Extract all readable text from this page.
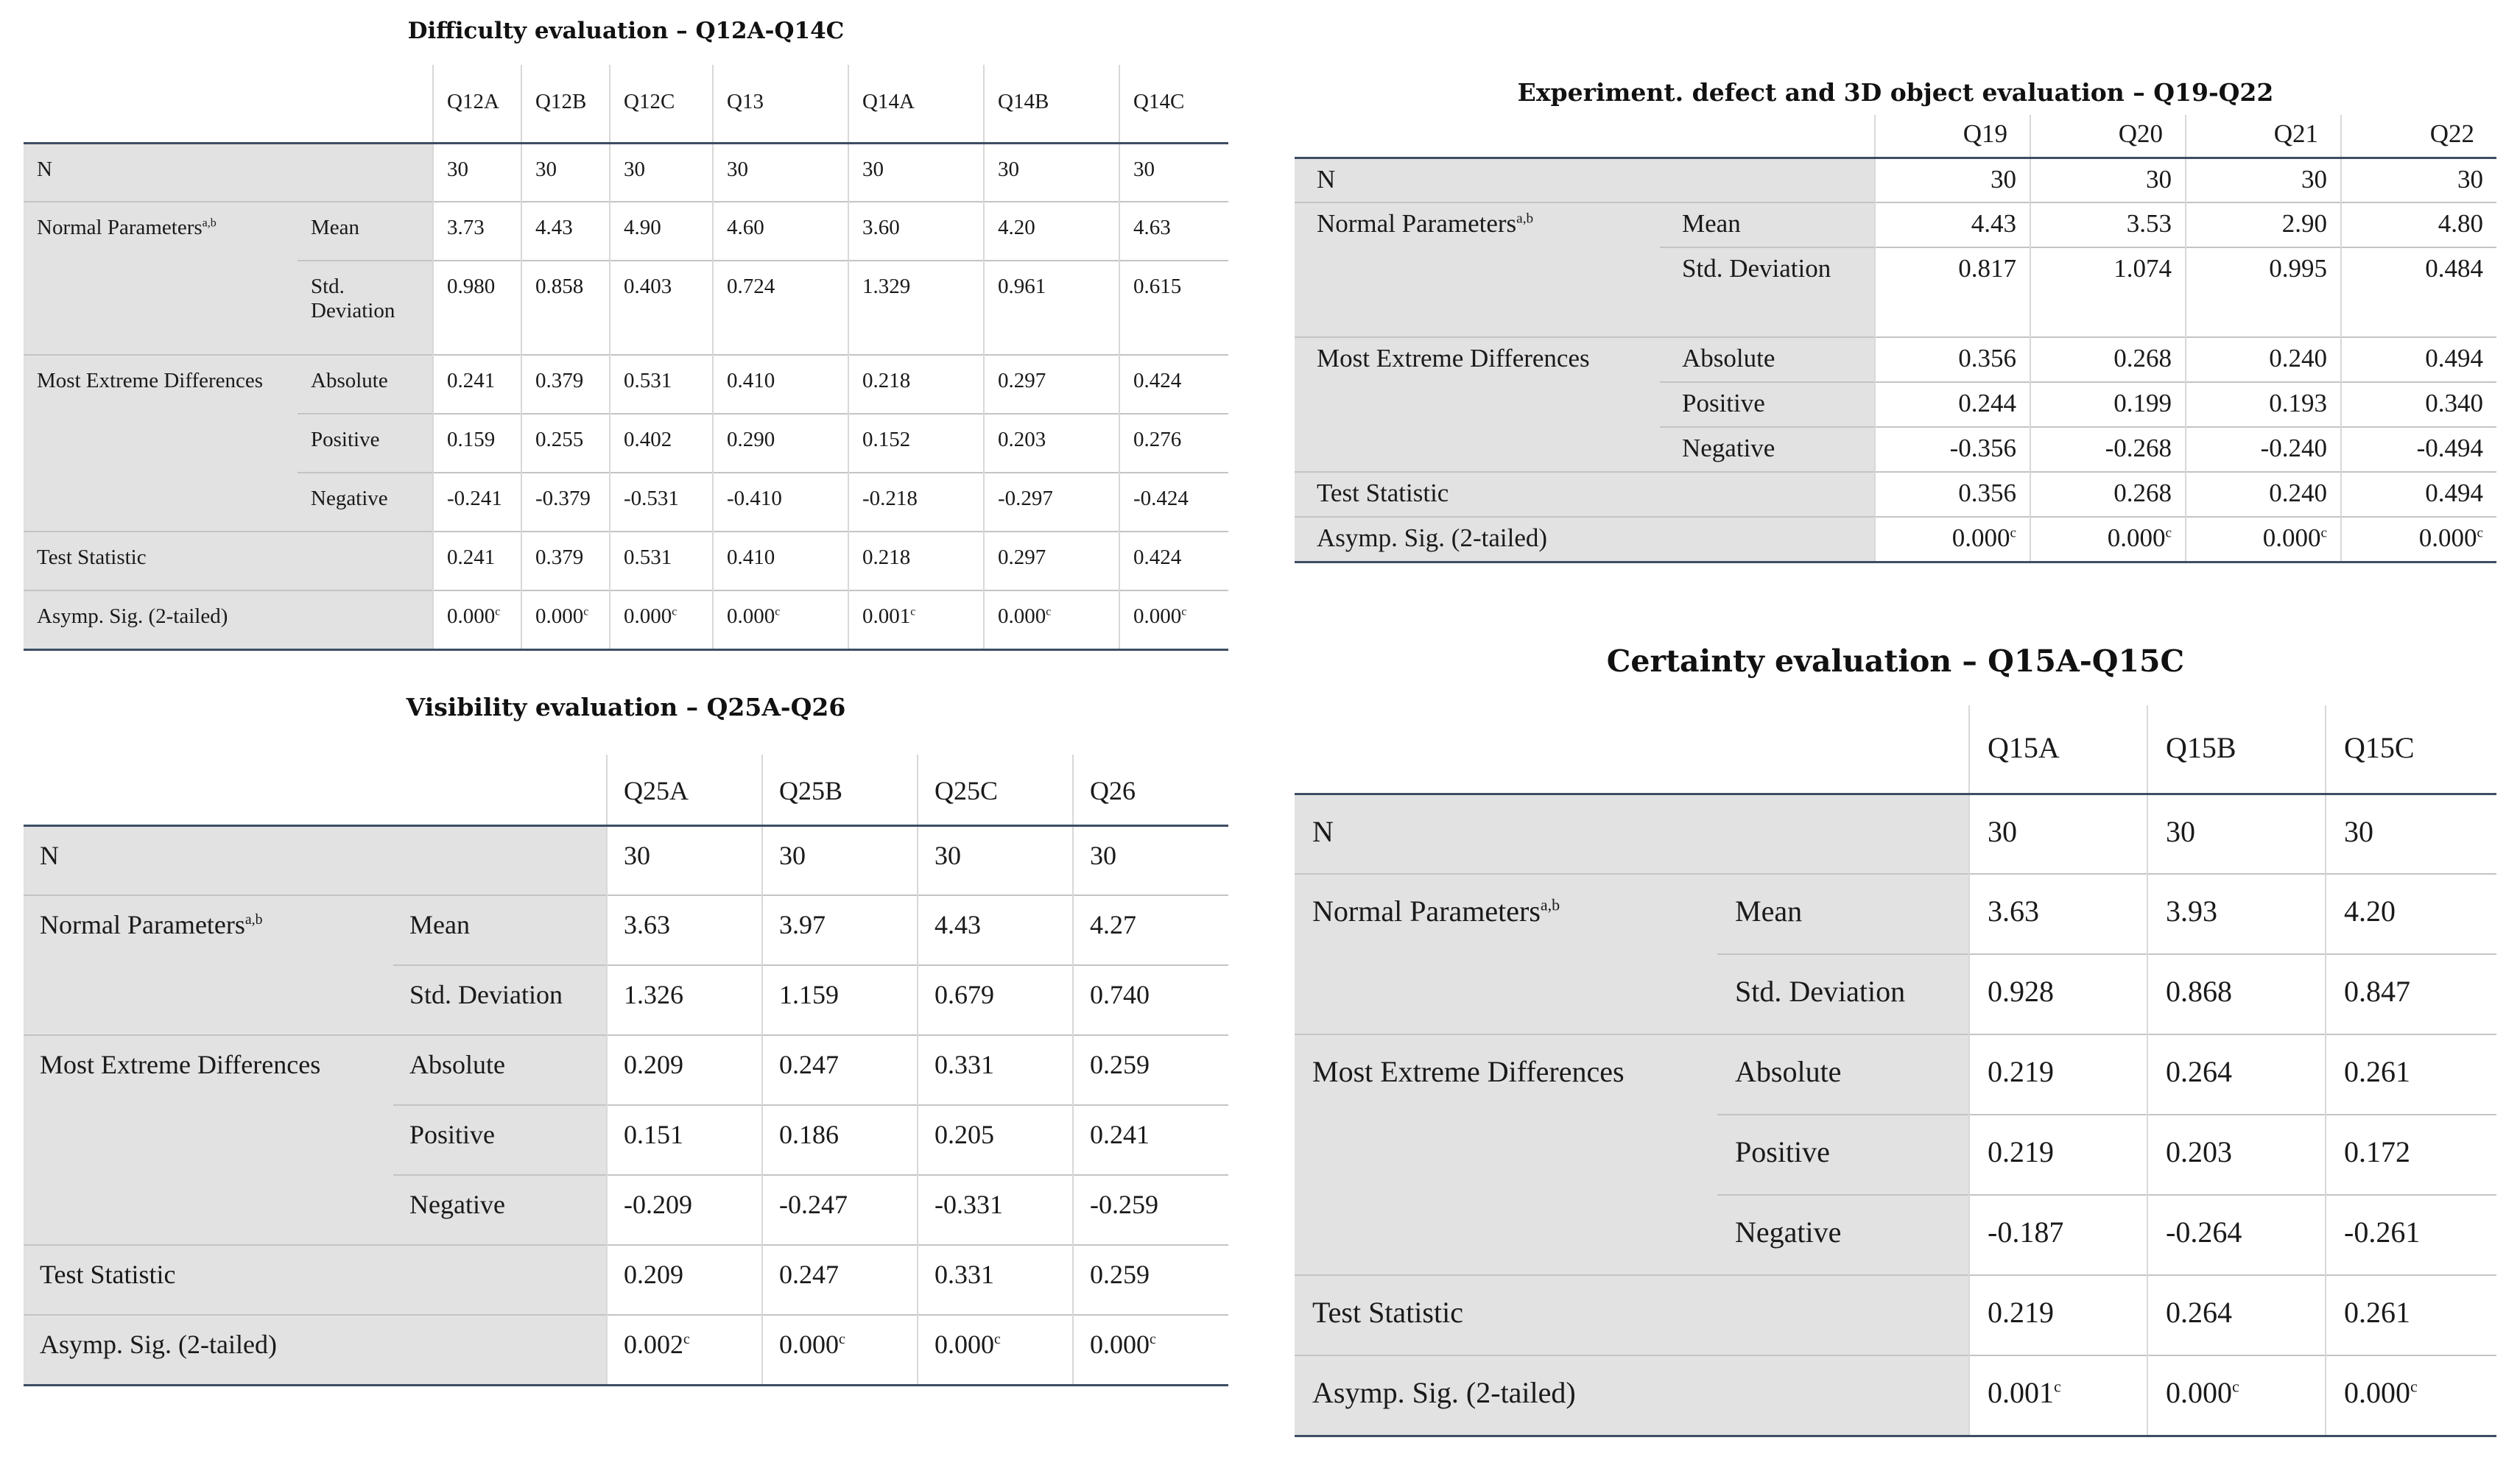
Difficulty evaluation – Q12A-Q14C
		Q12A	Q12B	Q12C	Q13	Q14A	Q14B	Q14C
N		30	30	30	30	30	30	30
Normal Parameters$^{a,b}$	Mean	3.73	4.43	4.90	4.60	3.60	4.20	4.63
	Std. Deviation	0.980	0.858	0.403	0.724	1.329	0.961	0.615
Most Extreme Differences	Absolute	0.241	0.379	0.531	0.410	0.218	0.297	0.424
	Positive	0.159	0.255	0.402	0.290	0.152	0.203	0.276
	Negative	-0.241	-0.379	-0.531	-0.410	-0.218	-0.297	-0.424
Test Statistic		0.241	0.379	0.531	0.410	0.218	0.297	0.424
Asymp. Sig. (2-tailed)		0.000$^c$	0.000$^c$	0.000$^c$	0.000$^c$	0.001$^c$	0.000$^c$	0.000$^c$
Experiment. defect and 3D object evaluation – Q19-Q22
		Q19	Q20	Q21	Q22
N		30	30	30	30
Normal Parameters$^{a,b}$	Mean	4.43	3.53	2.90	4.80
	Std. Deviation	0.817	1.074	0.995	0.484
Most Extreme Differences	Absolute	0.356	0.268	0.240	0.494
	Positive	0.244	0.199	0.193	0.340
	Negative	-0.356	-0.268	-0.240	-0.494
Test Statistic		0.356	0.268	0.240	0.494
Asymp. Sig. (2-tailed)		0.000$^c$	0.000$^c$	0.000$^c$	0.000$^c$
Visibility evaluation – Q25A-Q26
		Q25A	Q25B	Q25C	Q26
N		30	30	30	30
Normal Parameters$^{a,b}$	Mean	3.63	3.97	4.43	4.27
	Std. Deviation	1.326	1.159	0.679	0.740
Most Extreme Differences	Absolute	0.209	0.247	0.331	0.259
	Positive	0.151	0.186	0.205	0.241
	Negative	-0.209	-0.247	-0.331	-0.259
Test Statistic		0.209	0.247	0.331	0.259
Asymp. Sig. (2-tailed)		0.002$^c$	0.000$^c$	0.000$^c$	0.000$^c$
Certainty evaluation – Q15A-Q15C
		Q15A	Q15B	Q15C
N		30	30	30
Normal Parameters$^{a,b}$	Mean	3.63	3.93	4.20
	Std. Deviation	0.928	0.868	0.847
Most Extreme Differences	Absolute	0.219	0.264	0.261
	Positive	0.219	0.203	0.172
	Negative	-0.187	-0.264	-0.261
Test Statistic		0.219	0.264	0.261
Asymp. Sig. (2-tailed)		0.001$^c$	0.000$^c$	0.000$^c$
